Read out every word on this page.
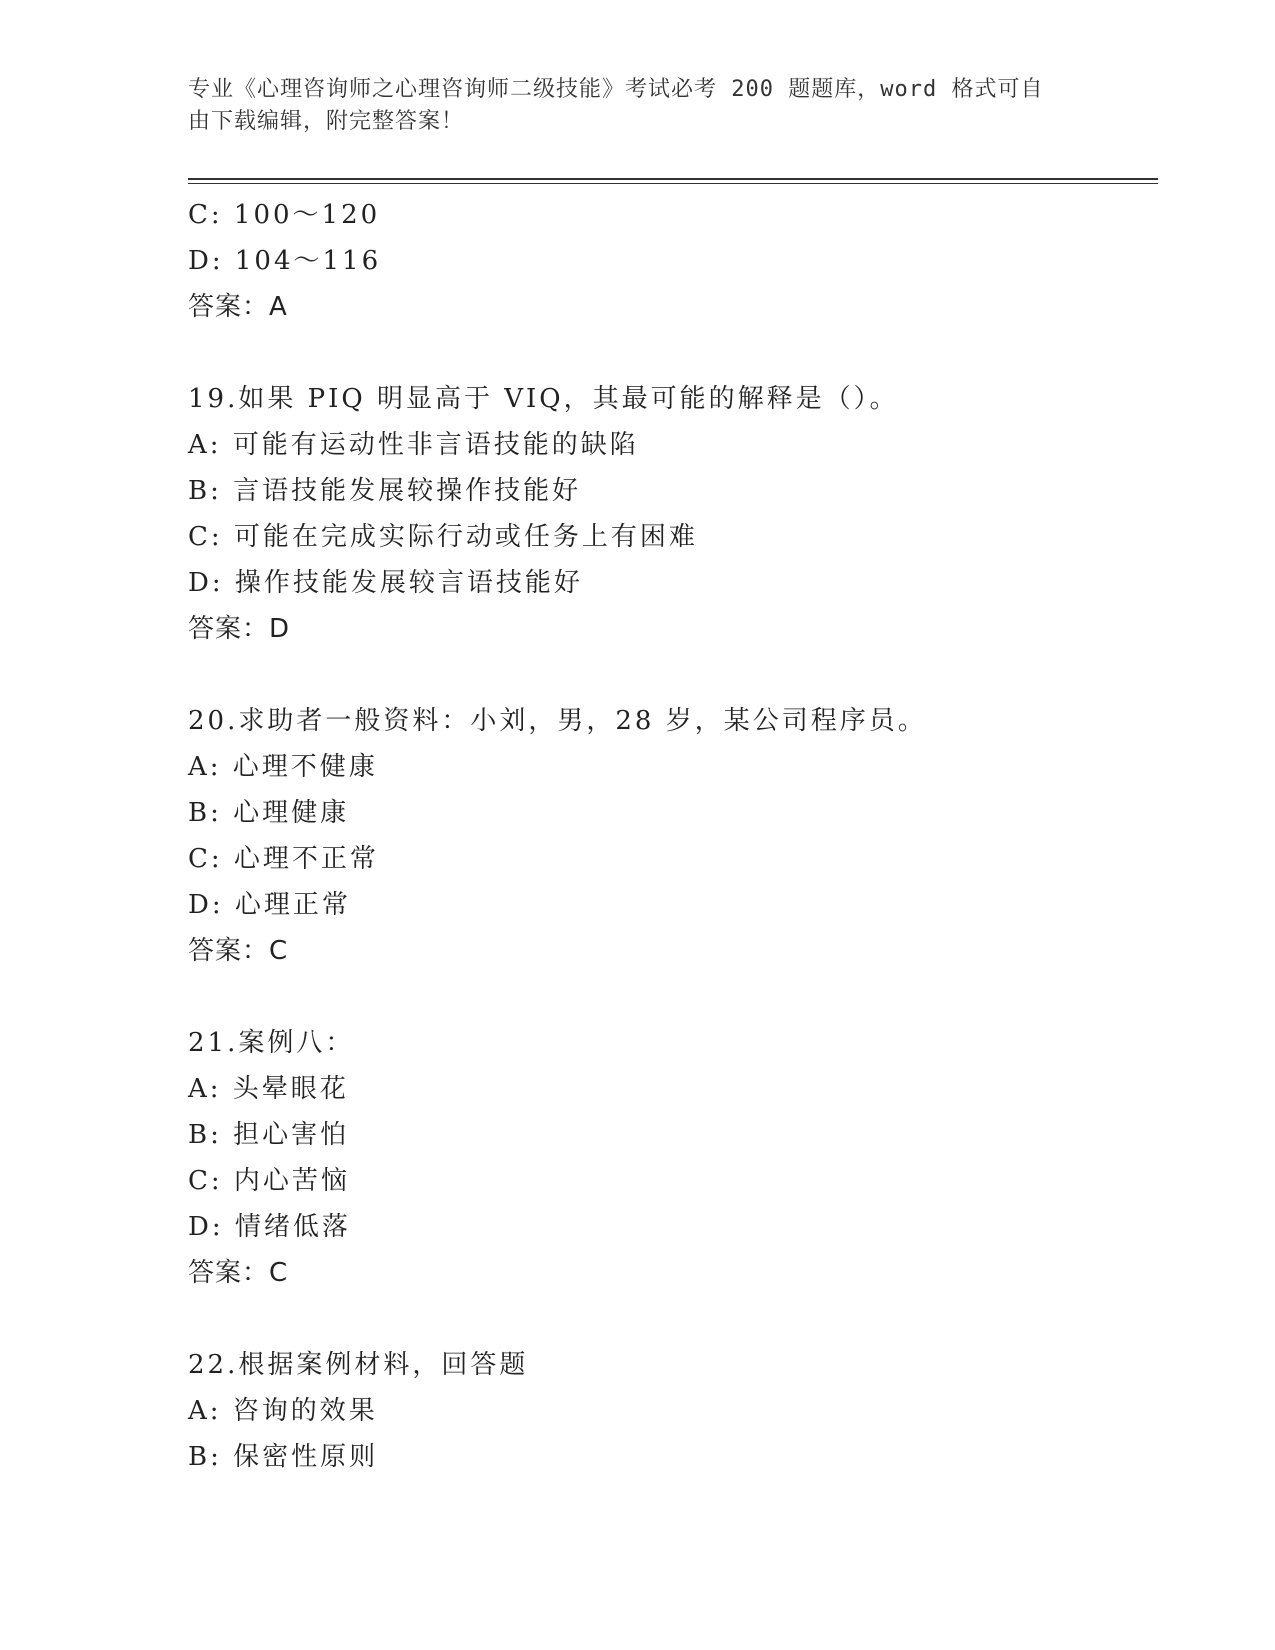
专业《心理咨询师之心理咨询师二级技能》考试必考 200 题题库，word 格式可自
由下载编辑，附完整答案！
C: 100～120
D: 104～116
答案：A
19.如果 PIQ 明显高于 VIQ，其最可能的解释是（）。
A: 可能有运动性非言语技能的缺陷
B: 言语技能发展较操作技能好
C: 可能在完成实际行动或任务上有困难
D: 操作技能发展较言语技能好
答案：D
20.求助者一般资料：小刘，男，28 岁，某公司程序员。
A: 心理不健康
B: 心理健康
C: 心理不正常
D: 心理正常
答案：C
21.案例八：
A: 头晕眼花
B: 担心害怕
C: 内心苦恼
D: 情绪低落
答案：C
22.根据案例材料，回答题
A: 咨询的效果
B: 保密性原则
